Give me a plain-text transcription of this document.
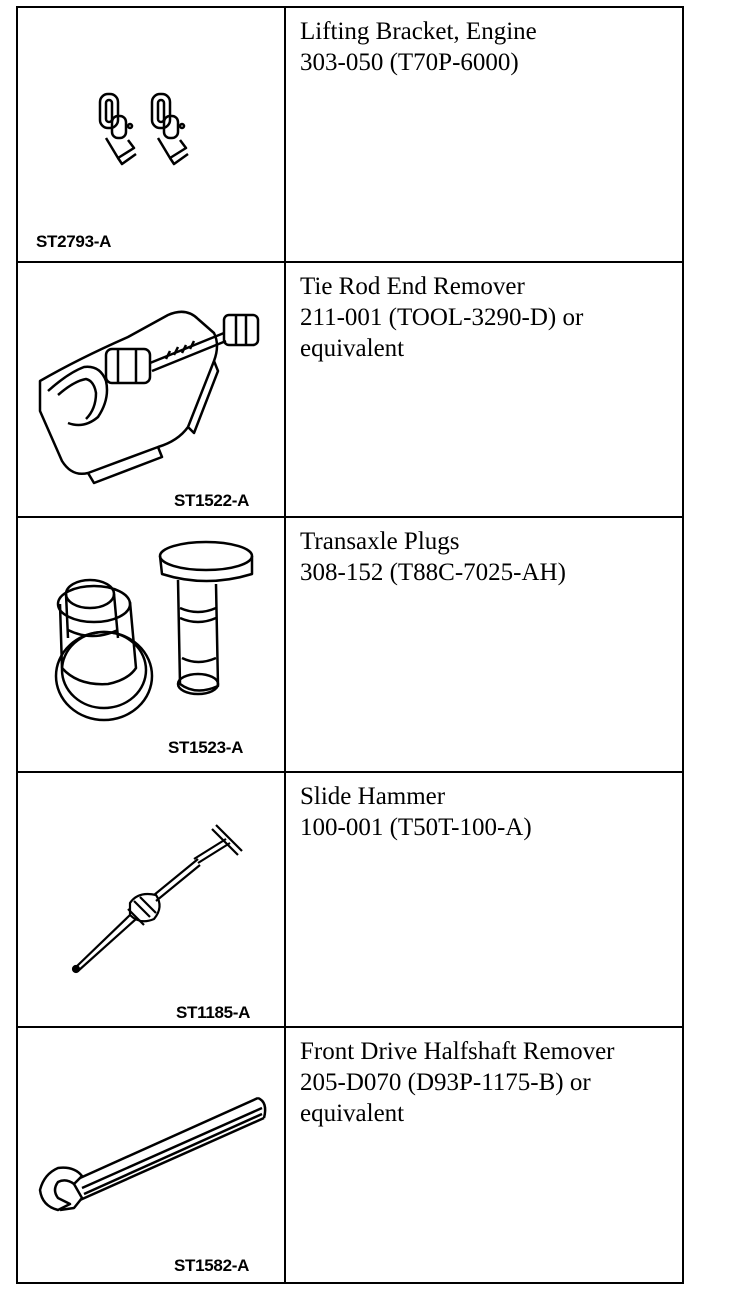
ST2793-A
Lifting Bracket, Engine
303-050 (T70P-6000)
ST1522-A
Tie Rod End Remover
211-001 (TOOL-3290-D) or
equivalent
ST1523-A
Transaxle Plugs
308-152 (T88C-7025-AH)
ST1185-A
Slide Hammer
100-001 (T50T-100-A)
ST1582-A
Front Drive Halfshaft Remover
205-D070 (D93P-1175-B) or
equivalent
